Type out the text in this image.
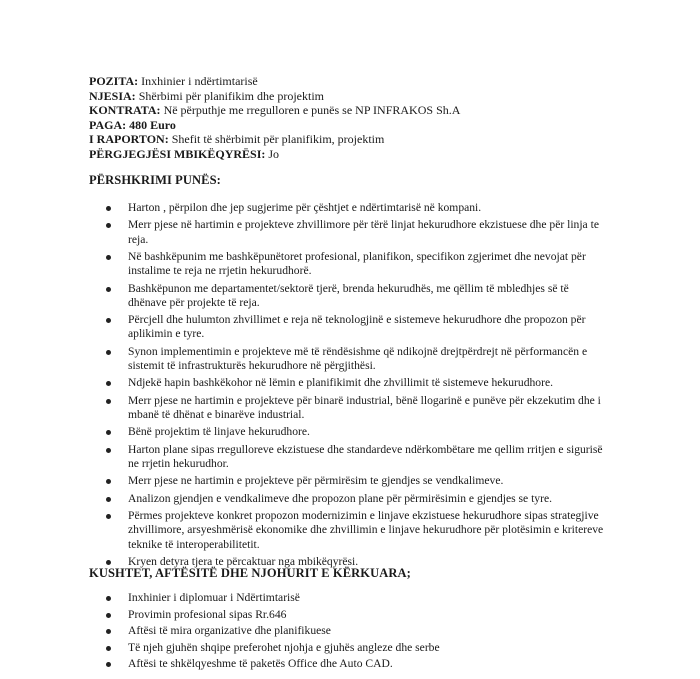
POZITA: Inxhinier i ndërtimtarisë
NJESIA: Shërbimi për planifikim dhe projektim
KONTRATA: Në përputhje me rregulloren e punës se NP INFRAKOS Sh.A
PAGA: 480 Euro
I RAPORTON: Shefit të shërbimit për planifikim, projektim
PËRGJEGJËSI MBIKËQYRËSI: Jo
PËRSHKRIMI PUNËS:
Harton , përpilon dhe jep sugjerime për çështjet e ndërtimtarisë në kompani.
Merr pjese në hartimin e projekteve zhvillimore për tërë linjat hekurudhore ekzistuese dhe për linja te reja.
Në bashkëpunim me bashkëpunëtoret profesional, planifikon, specifikon zgjerimet dhe nevojat për instalime te reja ne rrjetin hekurudhorë.
Bashkëpunon me departamentet/sektorë tjerë, brenda hekurudhës, me qëllim të mbledhjes së të dhënave për projekte të reja.
Përcjell dhe hulumton zhvillimet e reja në teknologjinë e sistemeve hekurudhore dhe propozon për aplikimin e tyre.
Synon implementimin e projekteve më të rëndësishme që ndikojnë drejtpërdrejt në përformancën e sistemit të infrastrukturës hekurudhore në përgjithësi.
Ndjekë hapin bashkëkohor në lëmin e planifikimit dhe zhvillimit të sistemeve hekurudhore.
Merr pjese ne hartimin e projekteve për binarë industrial, bënë llogarinë e punëve për ekzekutim dhe i mbanë të dhënat e binarëve industrial.
Bënë projektim të linjave hekurudhore.
Harton plane sipas rregulloreve ekzistuese dhe standardeve ndërkombëtare me qellim rritjen e sigurisë ne rrjetin hekurudhor.
Merr pjese ne hartimin e projekteve për përmirësim te gjendjes se vendkalimeve.
Analizon gjendjen e vendkalimeve dhe propozon plane për përmirësimin e gjendjes se tyre.
Përmes projekteve konkret propozon modernizimin e linjave ekzistuese hekurudhore sipas strategjive zhvillimore, arsyeshmërisë ekonomike dhe zhvillimin e linjave hekurudhore për plotësimin e kritereve teknike të interoperabilitetit.
Kryen detyra tjera te përcaktuar nga mbikëqyrësi.
KUSHTET, AFTËSITË DHE NJOHURIT E KËRKUARA;
Inxhinier i diplomuar i Ndërtimtarisë
Provimin profesional sipas Rr.646
Aftësi të mira organizative dhe planifikuese
Të njeh gjuhën shqipe preferohet njohja e gjuhës angleze dhe serbe
Aftësi te shkëlqyeshme të paketës Office dhe Auto CAD.
